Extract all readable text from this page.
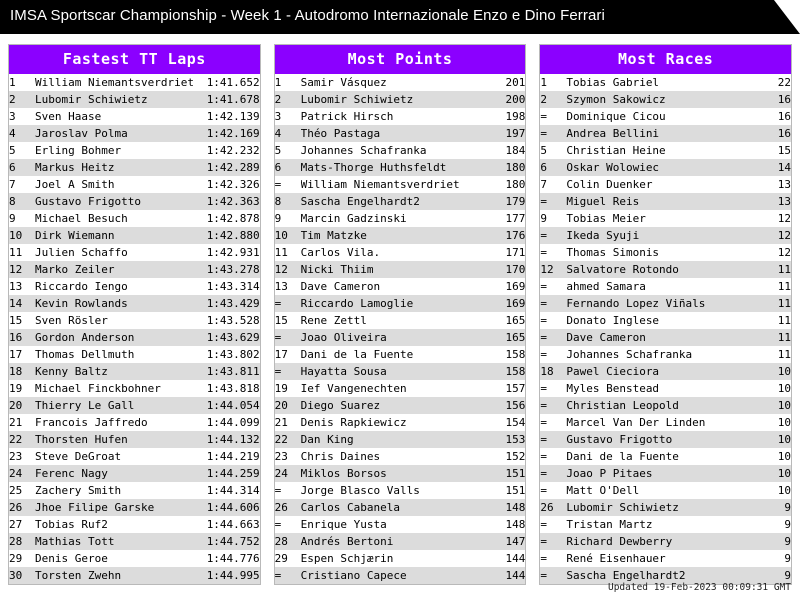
IMSA Sportscar Championship - Week 1 - Autodromo Internazionale Enzo e Dino Ferrari
Fastest TT Laps
1	William Niemantsverdriet	1:41.652
2	Lubomir Schiwietz	1:41.678
3	Sven Haase	1:42.139
4	Jaroslav Polma	1:42.169
5	Erling Bohmer	1:42.232
6	Markus Heitz	1:42.289
7	Joel A Smith	1:42.326
8	Gustavo Frigotto	1:42.363
9	Michael Besuch	1:42.878
10	Dirk Wiemann	1:42.880
11	Julien Schaffo	1:42.931
12	Marko Zeiler	1:43.278
13	Riccardo Iengo	1:43.314
14	Kevin Rowlands	1:43.429
15	Sven Rösler	1:43.528
16	Gordon Anderson	1:43.629
17	Thomas Dellmuth	1:43.802
18	Kenny Baltz	1:43.811
19	Michael Finckbohner	1:43.818
20	Thierry Le Gall	1:44.054
21	Francois Jaffredo	1:44.099
22	Thorsten Hufen	1:44.132
23	Steve DeGroat	1:44.219
24	Ferenc Nagy	1:44.259
25	Zachery Smith	1:44.314
26	Jhoe Filipe Garske	1:44.606
27	Tobias Ruf2	1:44.663
28	Mathias Tott	1:44.752
29	Denis Geroe	1:44.776
30	Torsten Zwehn	1:44.995
Most Points
1	Samir Vásquez	201
2	Lubomir Schiwietz	200
3	Patrick Hirsch	198
4	Théo Pastaga	197
5	Johannes Schafranka	184
6	Mats-Thorge Huthsfeldt	180
=	William Niemantsverdriet	180
8	Sascha Engelhardt2	179
9	Marcin Gadzinski	177
10	Tim Matzke	176
11	Carlos Vila.	171
12	Nicki Thiim	170
13	Dave Cameron	169
=	Riccardo Lamoglie	169
15	Rene Zettl	165
=	Joao Oliveira	165
17	Dani de la Fuente	158
=	Hayatta Sousa	158
19	Ief Vangenechten	157
20	Diego Suarez	156
21	Denis Rapkiewicz	154
22	Dan King	153
23	Chris Daines	152
24	Miklos Borsos	151
=	Jorge Blasco Valls	151
26	Carlos Cabanela	148
=	Enrique Yusta	148
28	Andrés Bertoni	147
29	Espen Schjærin	144
=	Cristiano Capece	144
Most Races
1	Tobias Gabriel	22
2	Szymon Sakowicz	16
=	Dominique Cicou	16
=	Andrea Bellini	16
5	Christian Heine	15
6	Oskar Wolowiec	14
7	Colin Duenker	13
=	Miguel Reis	13
9	Tobias Meier	12
=	Ikeda Syuji	12
=	Thomas Simonis	12
12	Salvatore Rotondo	11
=	ahmed Samara	11
=	Fernando Lopez Viñals	11
=	Donato Inglese	11
=	Dave Cameron	11
=	Johannes Schafranka	11
18	Pawel Cieciora	10
=	Myles Benstead	10
=	Christian Leopold	10
=	Marcel Van Der Linden	10
=	Gustavo Frigotto	10
=	Dani de la Fuente	10
=	Joao P Pitaes	10
=	Matt O'Dell	10
26	Lubomir Schiwietz	9
=	Tristan Martz	9
=	Richard Dewberry	9
=	René Eisenhauer	9
=	Sascha Engelhardt2	9
Updated 19-Feb-2023 00:09:31 GMT
